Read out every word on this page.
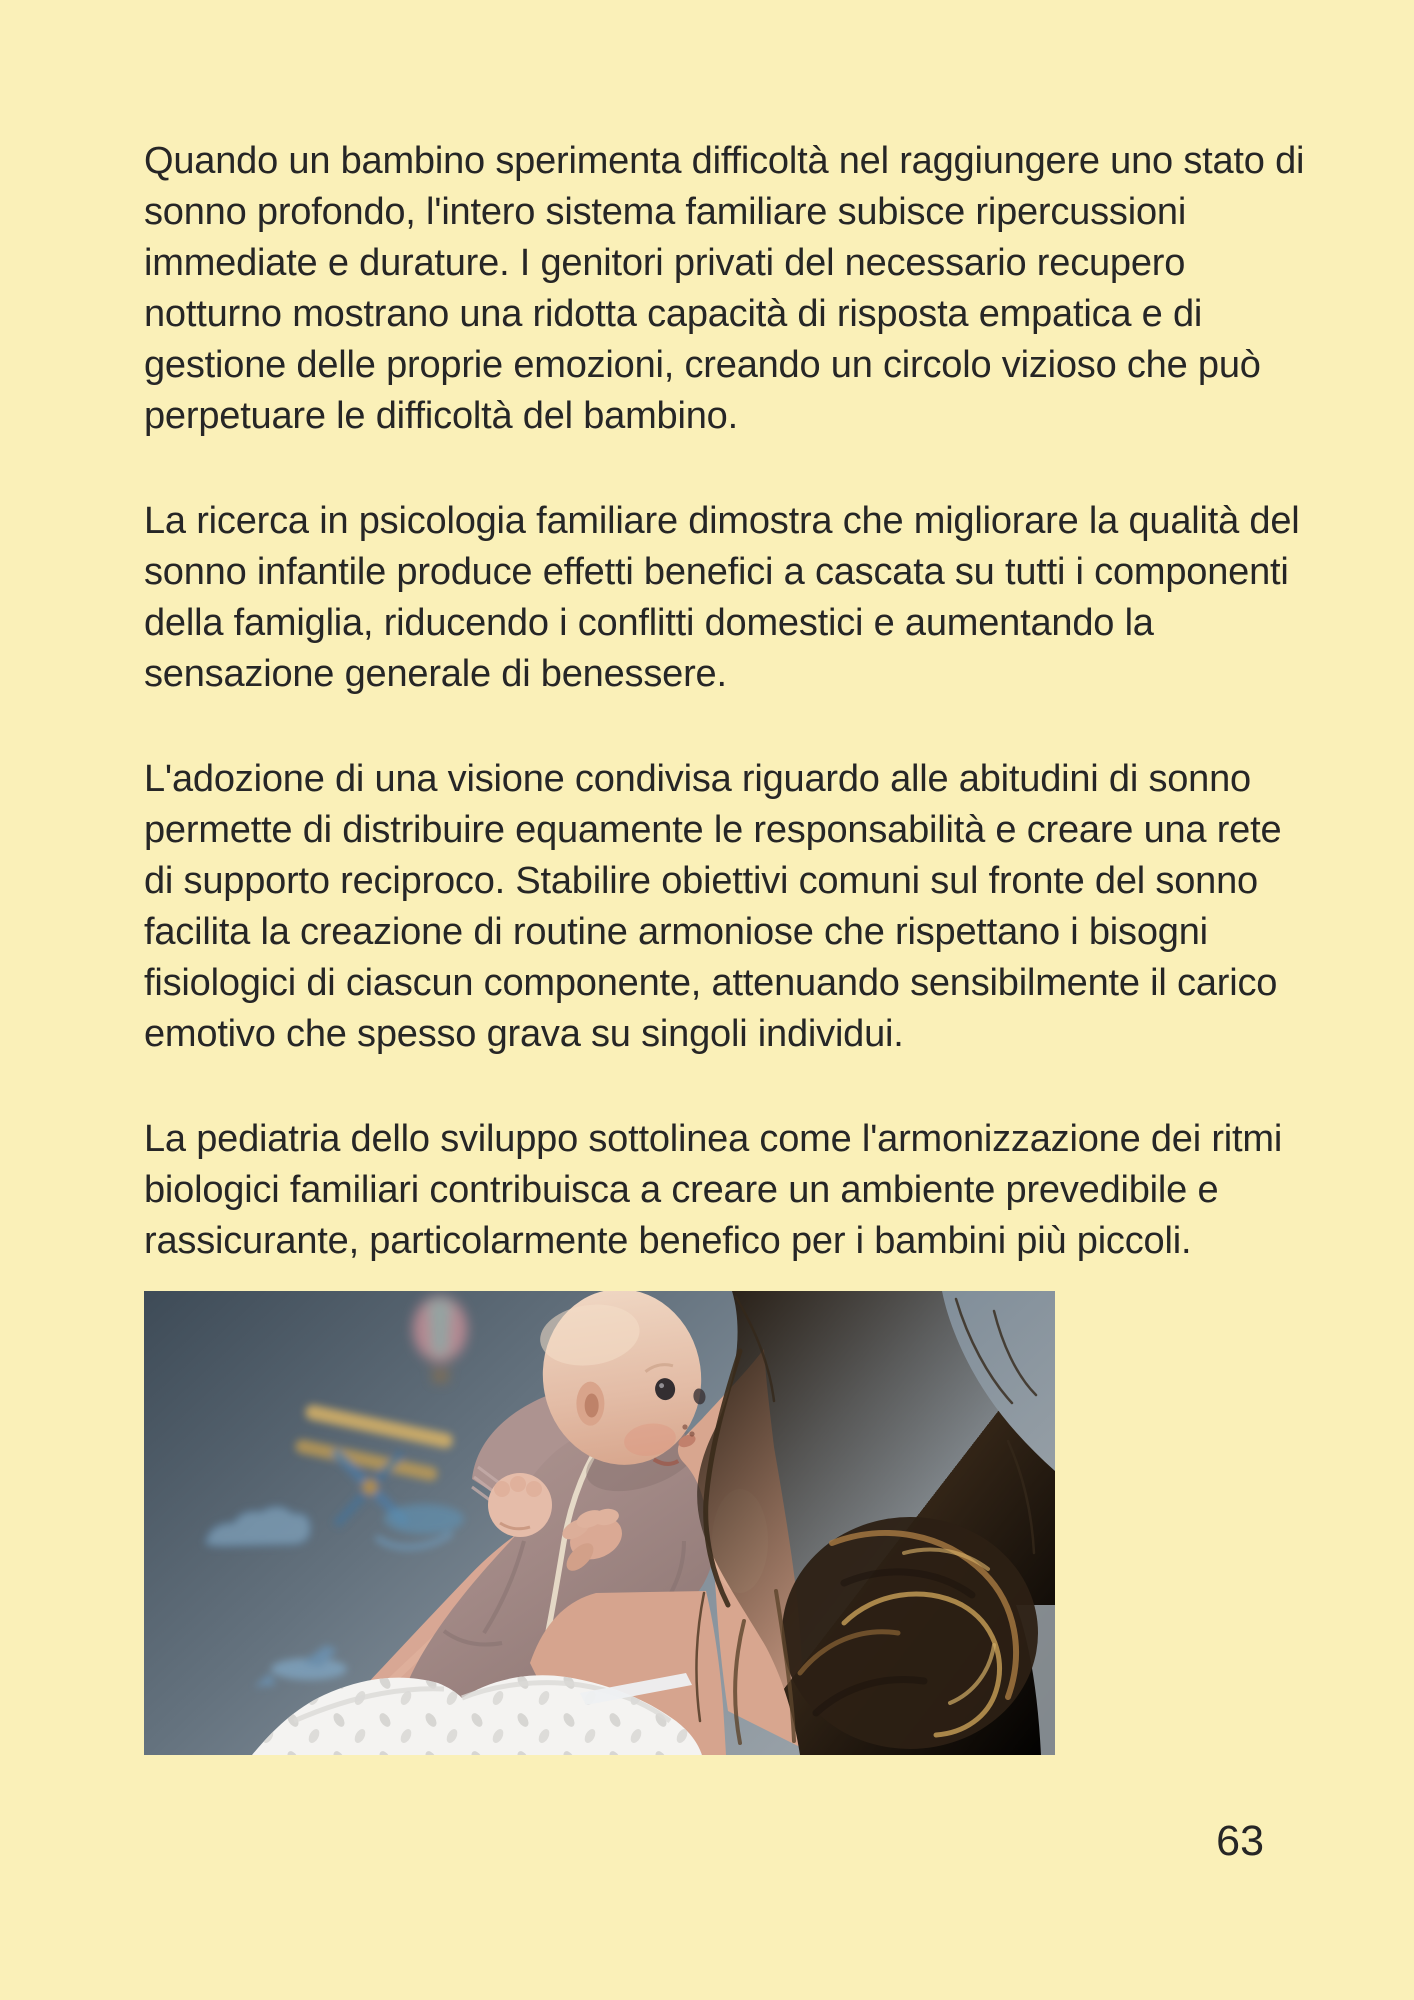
Quando un bambino sperimenta difficoltà nel raggiungere uno stato di sonno profondo, l'intero sistema familiare subisce ripercussioni immediate e durature. I genitori privati del necessario recupero notturno mostrano una ridotta capacità di risposta empatica e di gestione delle proprie emozioni, creando un circolo vizioso che può perpetuare le difficoltà del bambino.

La ricerca in psicologia familiare dimostra che migliorare la qualità del sonno infantile produce effetti benefici a cascata su tutti i componenti della famiglia, riducendo i conflitti domestici e aumentando la sensazione generale di benessere.

L'adozione di una visione condivisa riguardo alle abitudini di sonno permette di distribuire equamente le responsabilità e creare una rete di supporto reciproco. Stabilire obiettivi comuni sul fronte del sonno facilita la creazione di routine armoniose che rispettano i bisogni fisiologici di ciascun componente, attenuando sensibilmente il carico emotivo che spesso grava su singoli individui.

La pediatria dello sviluppo sottolinea come l'armonizzazione dei ritmi biologici familiari contribuisca a creare un ambiente prevedibile e rassicurante, particolarmente benefico per i bambini più piccoli.

63
